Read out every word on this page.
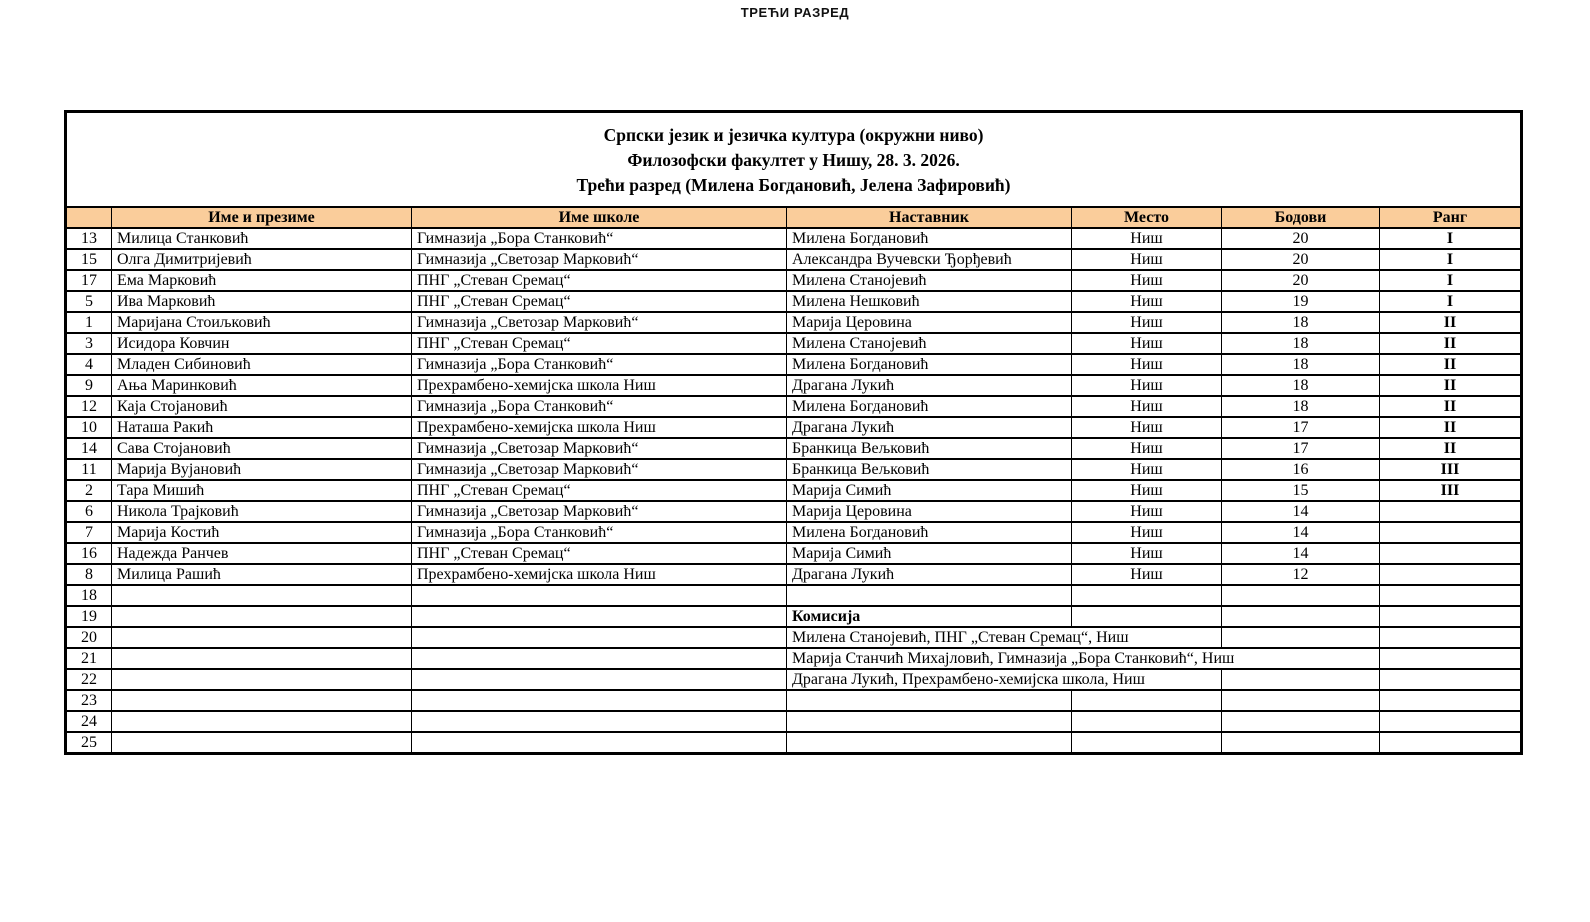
ТРЕЋИ РАЗРЕД
Српски језик и језичка култура (окружни ниво)
Филозофски факултет у Нишу, 28. 3. 2026.
Трећи разред (Милена Богдановић, Јелена Зафировић)						

	Име и презиме	Име школе	Наставник	Место	Бодови	Ранг
13	Милица Станковић	Гимназија „Бора Станковић“	Милена Богдановић	Ниш	20	I
15	Олга Димитријевић	Гимназија „Светозар Марковић“	Александра Вучевски Ђорђевић	Ниш	20	I
17	Ема Марковић	ПНГ „Стеван Сремац“	Милена Станојевић	Ниш	20	I
5	Ива Марковић	ПНГ „Стеван Сремац“	Милена Нешковић	Ниш	19	I
1	Маријана Стоиљковић	Гимназија „Светозар Марковић“	Марија Церовина	Ниш	18	II
3	Исидора Ковчин	ПНГ „Стеван Сремац“	Милена Станојевић	Ниш	18	II
4	Младен Сибиновић	Гимназија „Бора Станковић“	Милена Богдановић	Ниш	18	II
9	Ања Маринковић	Прехрамбено-хемијска школа Ниш	Драгана Лукић	Ниш	18	II
12	Каја Стојановић	Гимназија „Бора Станковић“	Милена Богдановић	Ниш	18	II
10	Наташа Ракић	Прехрамбено-хемијска школа Ниш	Драгана Лукић	Ниш	17	II
14	Сава Стојановић	Гимназија „Светозар Марковић“	Бранкица Вељковић	Ниш	17	II
11	Марија Вујановић	Гимназија „Светозар Марковић“	Бранкица Вељковић	Ниш	16	III
2	Тара Мишић	ПНГ „Стеван Сремац“	Марија Симић	Ниш	15	III
6	Никола Трајковић	Гимназија „Светозар Марковић“	Марија Церовина	Ниш	14	
7	Марија Костић	Гимназија „Бора Станковић“	Милена Богдановић	Ниш	14	
16	Надежда Ранчев	ПНГ „Стеван Сремац“	Марија Симић	Ниш	14	
8	Милица Рашић	Прехрамбено-хемијска школа Ниш	Драгана Лукић	Ниш	12	
18						
19			Комисија			
20			Милена Станојевић, ПНГ „Стеван Сремац“, Ниш			
21			Марија Станчић Михајловић, Гимназија „Бора Станковић“, Ниш			
22			Драгана Лукић, Прехрамбено-хемијска школа, Ниш			
23						
24						
25						
